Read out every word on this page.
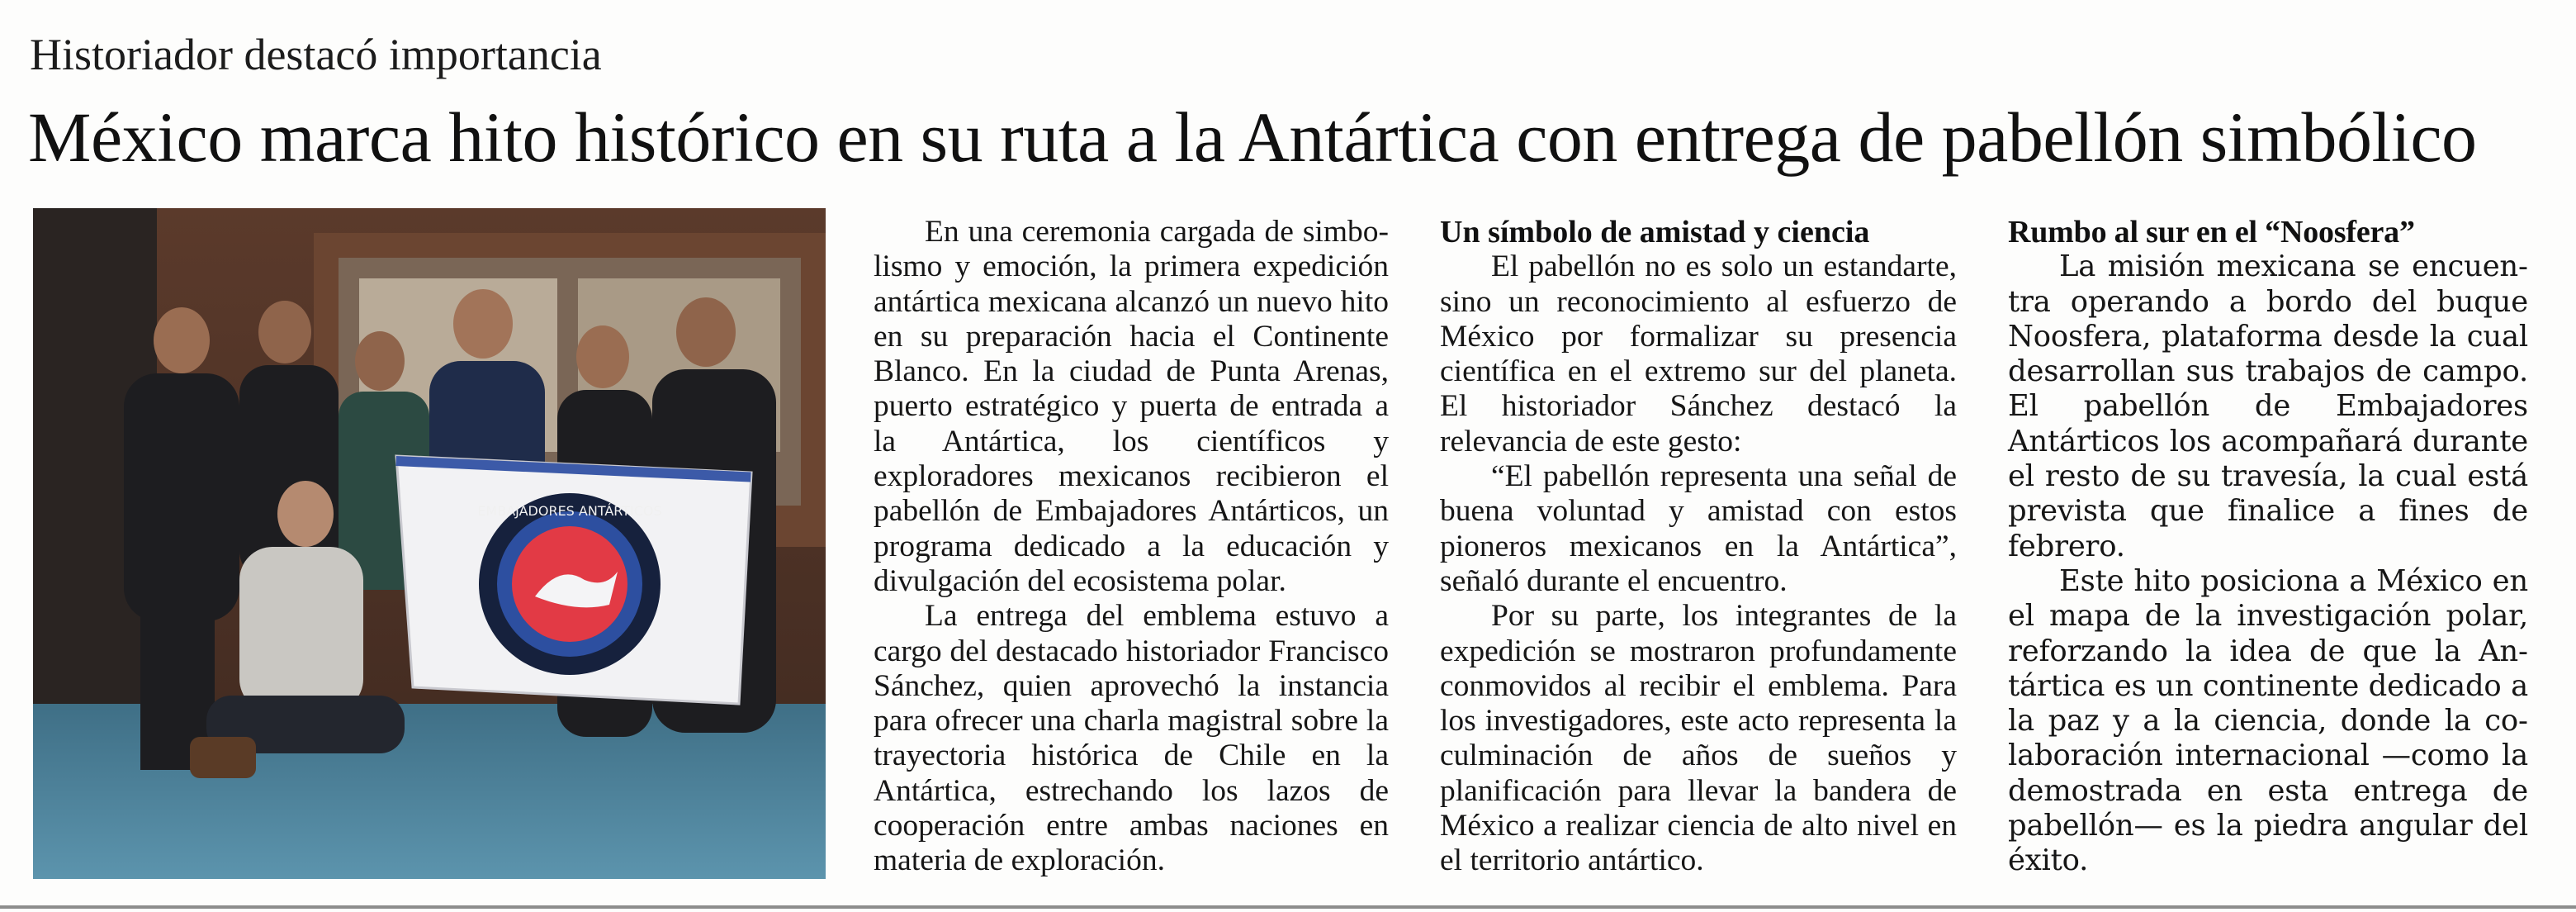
Historiador destacó importancia
México marca hito histórico en su ruta a la Antártica con entrega de pabellón simbólico
EMBAJADORES ANTÁRTICOS

En una ceremonia cargada de simbolismo y emoción, la primera expedición antártica mexicana alcanzó un nuevo hito en su preparación hacia el Continente Blanco. En la ciudad de Punta Arenas, puerto estratégico y puerta de entrada a la Antártica, los científicos y exploradores mexicanos recibieron el pabellón de Embajadores Antárticos, un programa dedicado a la educación y divulgación del ecosistema polar.

La entrega del emblema estuvo a cargo del destacado historiador Francisco Sánchez, quien aprovechó la instancia para ofrecer una charla magistral sobre la trayectoria histórica de Chile en la Antártica, estrechando los lazos de cooperación entre ambas naciones en materia de exploración.

Un símbolo de amistad y ciencia

El pabellón no es solo un estandarte, sino un reconocimiento al esfuerzo de México por formalizar su presencia científica en el extremo sur del planeta. El historiador Sánchez destacó la relevancia de este gesto:

“El pabellón representa una señal de buena voluntad y amistad con estos pioneros mexicanos en la Antártica”, señaló durante el encuentro.

Por su parte, los integrantes de la expedición se mostraron profundamente conmovidos al recibir el emblema. Para los investigadores, este acto representa la culminación de años de sueños y planificación para llevar la bandera de México a realizar ciencia de alto nivel en el territorio antártico.

Rumbo al sur en el “Noosfera”

La misión mexicana se encuentra operando a bordo del buque Noosfera, plataforma desde la cual desarrollan sus trabajos de campo. El pabellón de Embajadores Antárticos los acompañará durante el resto de su travesía, la cual está prevista que finalice a fines de febrero.

Este hito posiciona a México en el mapa de la investigación polar, reforzando la idea de que la Antártica es un continente dedicado a la paz y a la ciencia, donde la colaboración internacional —como la demostrada en esta entrega de pabellón— es la piedra angular del éxito.
